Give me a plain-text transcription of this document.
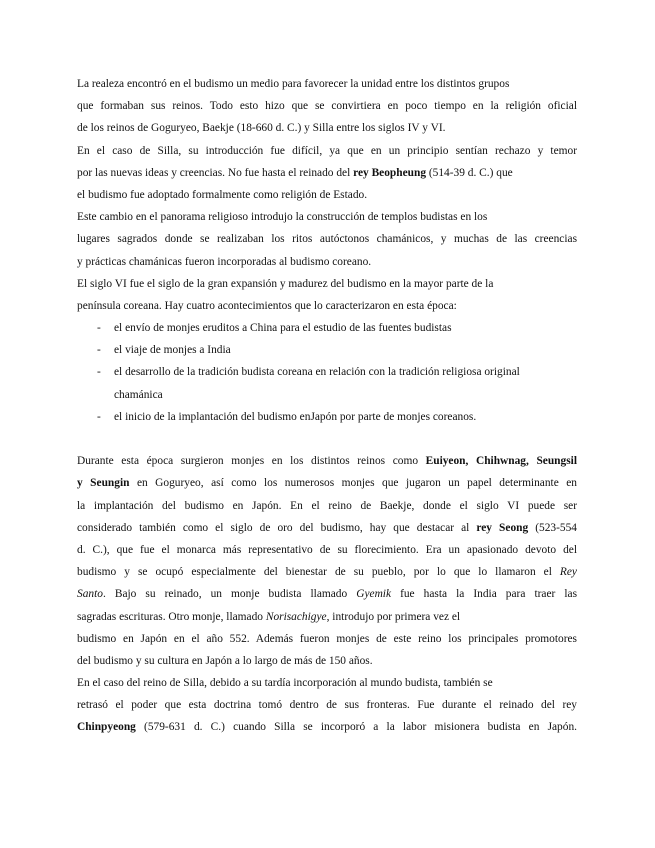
La realeza encontró en el budismo un medio para favorecer la unidad entre los distintos grupos
que formaban sus reinos. Todo esto hizo que se convirtiera en poco tiempo en la religión oficial
de los reinos de Goguryeo, Baekje (18-660 d. C.) y Silla entre los siglos IV y VI.
En el caso de Silla, su introducción fue difícil, ya que en un principio sentían rechazo y temor
por las nuevas ideas y creencias. No fue hasta el reinado del rey Beopheung (514-39 d. C.) que
el budismo fue adoptado formalmente como religión de Estado.
Este cambio en el panorama religioso introdujo la construcción de templos budistas en los
lugares sagrados donde se realizaban los ritos autóctonos chamánicos, y muchas de las creencias
y prácticas chamánicas fueron incorporadas al budismo coreano.
El siglo VI fue el siglo de la gran expansión y madurez del budismo en la mayor parte de la
península coreana. Hay cuatro acontecimientos que lo caracterizaron en esta época:
- el envío de monjes eruditos a China para el estudio de las fuentes budistas
- el viaje de monjes a India
- el desarrollo de la tradición budista coreana en relación con la tradición religiosa original
chamánica
- el inicio de la implantación del budismo enJapón por parte de monjes coreanos.
Durante esta época surgieron monjes en los distintos reinos como Euiyeon, Chihwnag, Seungsil
y Seungin en Goguryeo, así como los numerosos monjes que jugaron un papel determinante en
la implantación del budismo en Japón. En el reino de Baekje, donde el siglo VI puede ser
considerado también como el siglo de oro del budismo, hay que destacar al rey Seong (523-554
d. C.), que fue el monarca más representativo de su florecimiento. Era un apasionado devoto del
budismo y se ocupó especialmente del bienestar de su pueblo, por lo que lo llamaron el Rey
Santo. Bajo su reinado, un monje budista llamado Gyemik fue hasta la India para traer las
sagradas escrituras. Otro monje, llamado Norisachigye, introdujo por primera vez el
budismo en Japón en el año 552. Además fueron monjes de este reino los principales promotores
del budismo y su cultura en Japón a lo largo de más de 150 años.
En el caso del reino de Silla, debido a su tardía incorporación al mundo budista, también se
retrasó el poder que esta doctrina tomó dentro de sus fronteras. Fue durante el reinado del rey
Chinpyeong (579-631 d. C.) cuando Silla se incorporó a la labor misionera budista en Japón.
